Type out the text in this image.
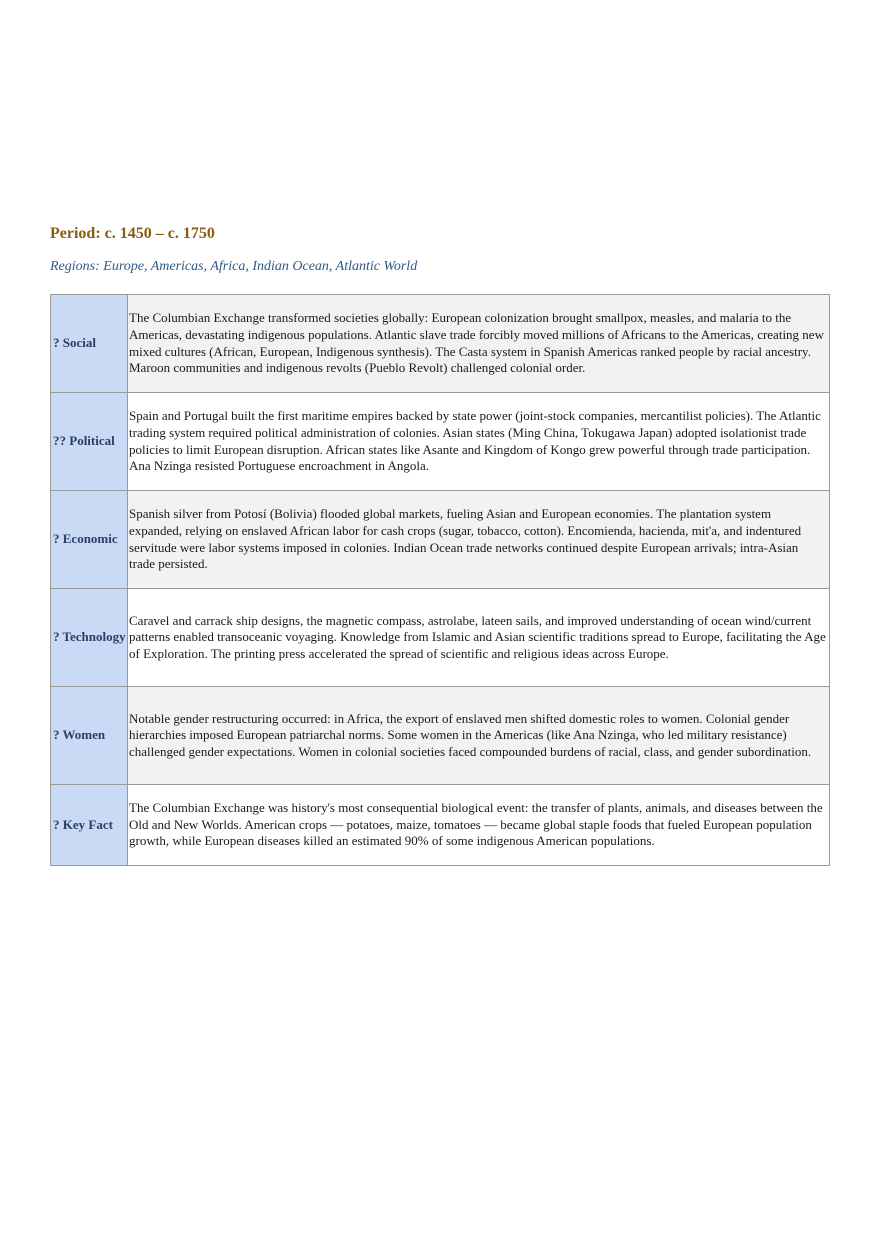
Period: c. 1450 – c. 1750
Regions: Europe, Americas, Africa, Indian Ocean, Atlantic World
? Social	The Columbian Exchange transformed societies globally: European colonization brought smallpox, measles, and malaria to the Americas, devastating indigenous populations. Atlantic slave trade forcibly moved millions of Africans to the Americas, creating new mixed cultures (African, European, Indigenous synthesis). The Casta system in Spanish Americas ranked people by racial ancestry. Maroon communities and indigenous revolts (Pueblo Revolt) challenged colonial order.
?? Political	Spain and Portugal built the first maritime empires backed by state power (joint-stock companies, mercantilist policies). The Atlantic trading system required political administration of colonies. Asian states (Ming China, Tokugawa Japan) adopted isolationist trade policies to limit European disruption. African states like Asante and Kingdom of Kongo grew powerful through trade participation. Ana Nzinga resisted Portuguese encroachment in Angola.
? Economic	Spanish silver from Potosí (Bolivia) flooded global markets, fueling Asian and European economies. The plantation system expanded, relying on enslaved African labor for cash crops (sugar, tobacco, cotton). Encomienda, hacienda, mit'a, and indentured servitude were labor systems imposed in colonies. Indian Ocean trade networks continued despite European arrivals; intra-Asian trade persisted.
? Technology	Caravel and carrack ship designs, the magnetic compass, astrolabe, lateen sails, and improved understanding of ocean wind/current patterns enabled transoceanic voyaging. Knowledge from Islamic and Asian scientific traditions spread to Europe, facilitating the Age of Exploration. The printing press accelerated the spread of scientific and religious ideas across Europe.
? Women	Notable gender restructuring occurred: in Africa, the export of enslaved men shifted domestic roles to women. Colonial gender hierarchies imposed European patriarchal norms. Some women in the Americas (like Ana Nzinga, who led military resistance) challenged gender expectations. Women in colonial societies faced compounded burdens of racial, class, and gender subordination.
? Key Fact	The Columbian Exchange was history's most consequential biological event: the transfer of plants, animals, and diseases between the Old and New Worlds. American crops — potatoes, maize, tomatoes — became global staple foods that fueled European population growth, while European diseases killed an estimated 90% of some indigenous American populations.
